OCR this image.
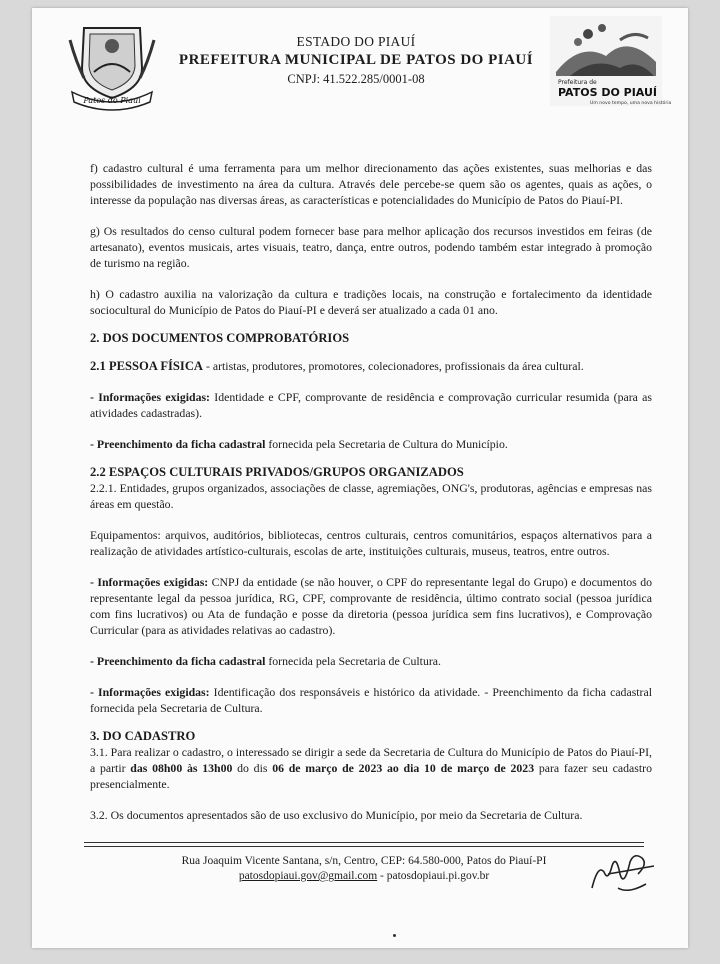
Patos do Piauí
ESTADO DO PIAUÍ
PREFEITURA MUNICIPAL DE PATOS DO PIAUÍ
CNPJ: 41.522.285/0001-08	Prefeitura de
PATOS DO PIAUÍ
Um novo tempo, uma nova história

f) cadastro cultural é uma ferramenta para um melhor direcionamento das ações existentes, suas melhorias e das possibilidades de investimento na área da cultura. Através dele percebe-se quem são os agentes, quais as ações, o interesse da população nas diversas áreas, as características e potencialidades do Município de Patos do Piauí-PI.

g) Os resultados do censo cultural podem fornecer base para melhor aplicação dos recursos investidos em feiras (de artesanato), eventos musicais, artes visuais, teatro, dança, entre outros, podendo também estar integrado à promoção de turismo na região.

h) O cadastro auxilia na valorização da cultura e tradições locais, na construção e fortalecimento da identidade sociocultural do Município de Patos do Piauí-PI e deverá ser atualizado a cada 01 ano.

2. DOS DOCUMENTOS COMPROBATÓRIOS

2.1 PESSOA FÍSICA - artistas, produtores, promotores, colecionadores, profissionais da área cultural.

- Informações exigidas: Identidade e CPF, comprovante de residência e comprovação curricular resumida (para as atividades cadastradas).

- Preenchimento da ficha cadastral fornecida pela Secretaria de Cultura do Município.

2.2 ESPAÇOS CULTURAIS PRIVADOS/GRUPOS ORGANIZADOS

2.2.1. Entidades, grupos organizados, associações de classe, agremiações, ONG's, produtoras, agências e empresas nas áreas em questão.

Equipamentos: arquivos, auditórios, bibliotecas, centros culturais, centros comunitários, espaços alternativos para a realização de atividades artístico-culturais, escolas de arte, instituições culturais, museus, teatros, entre outros.

- Informações exigidas: CNPJ da entidade (se não houver, o CPF do representante legal do Grupo) e documentos do representante legal da pessoa jurídica, RG, CPF, comprovante de residência, último contrato social (pessoa jurídica com fins lucrativos) ou Ata de fundação e posse da diretoria (pessoa jurídica sem fins lucrativos), e Comprovação Curricular (para as atividades relativas ao cadastro).

- Preenchimento da ficha cadastral fornecida pela Secretaria de Cultura.

- Informações exigidas: Identificação dos responsáveis e histórico da atividade. - Preenchimento da ficha cadastral fornecida pela Secretaria de Cultura.

3. DO CADASTRO

3.1. Para realizar o cadastro, o interessado se dirigir a sede da Secretaria de Cultura do Município de Patos do Piauí-PI, a partir das 08h00 às 13h00 do dis 06 de março de 2023 ao dia 10 de março de 2023 para fazer seu cadastro presencialmente.

3.2. Os documentos apresentados são de uso exclusivo do Município, por meio da Secretaria de Cultura.

Rua Joaquim Vicente Santana, s/n, Centro, CEP: 64.580-000, Patos do Piauí-PI
patosdopiaui.gov@gmail.com - patosdopiaui.pi.gov.br
